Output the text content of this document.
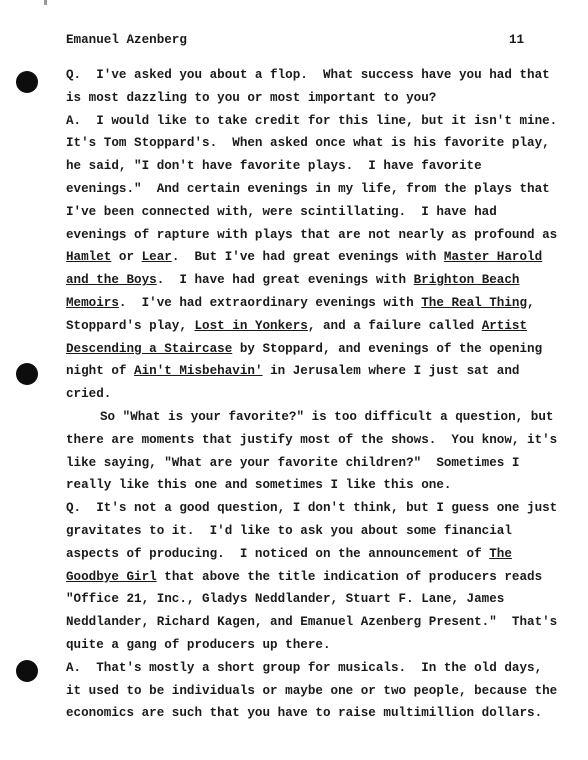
Emanuel Azenberg	11
Q.  I've asked you about a flop.  What success have you had that
is most dazzling to you or most important to you?
A.  I would like to take credit for this line, but it isn't mine.
It's Tom Stoppard's.  When asked once what is his favorite play,
he said, "I don't have favorite plays.  I have favorite
evenings."  And certain evenings in my life, from the plays that
I've been connected with, were scintillating.  I have had
evenings of rapture with plays that are not nearly as profound as
Hamlet or Lear.  But I've had great evenings with Master Harold
and the Boys.  I have had great evenings with Brighton Beach
Memoirs.  I've had extraordinary evenings with The Real Thing,
Stoppard's play, Lost in Yonkers, and a failure called Artist
Descending a Staircase by Stoppard, and evenings of the opening
night of Ain't Misbehavin' in Jerusalem where I just sat and
cried.
So "What is your favorite?" is too difficult a question, but
there are moments that justify most of the shows.  You know, it's
like saying, "What are your favorite children?"  Sometimes I
really like this one and sometimes I like this one.
Q.  It's not a good question, I don't think, but I guess one just
gravitates to it.  I'd like to ask you about some financial
aspects of producing.  I noticed on the announcement of The
Goodbye Girl that above the title indication of producers reads
"Office 21, Inc., Gladys Neddlander, Stuart F. Lane, James
Neddlander, Richard Kagen, and Emanuel Azenberg Present."  That's
quite a gang of producers up there.
A.  That's mostly a short group for musicals.  In the old days,
it used to be individuals or maybe one or two people, because the
economics are such that you have to raise multimillion dollars.
